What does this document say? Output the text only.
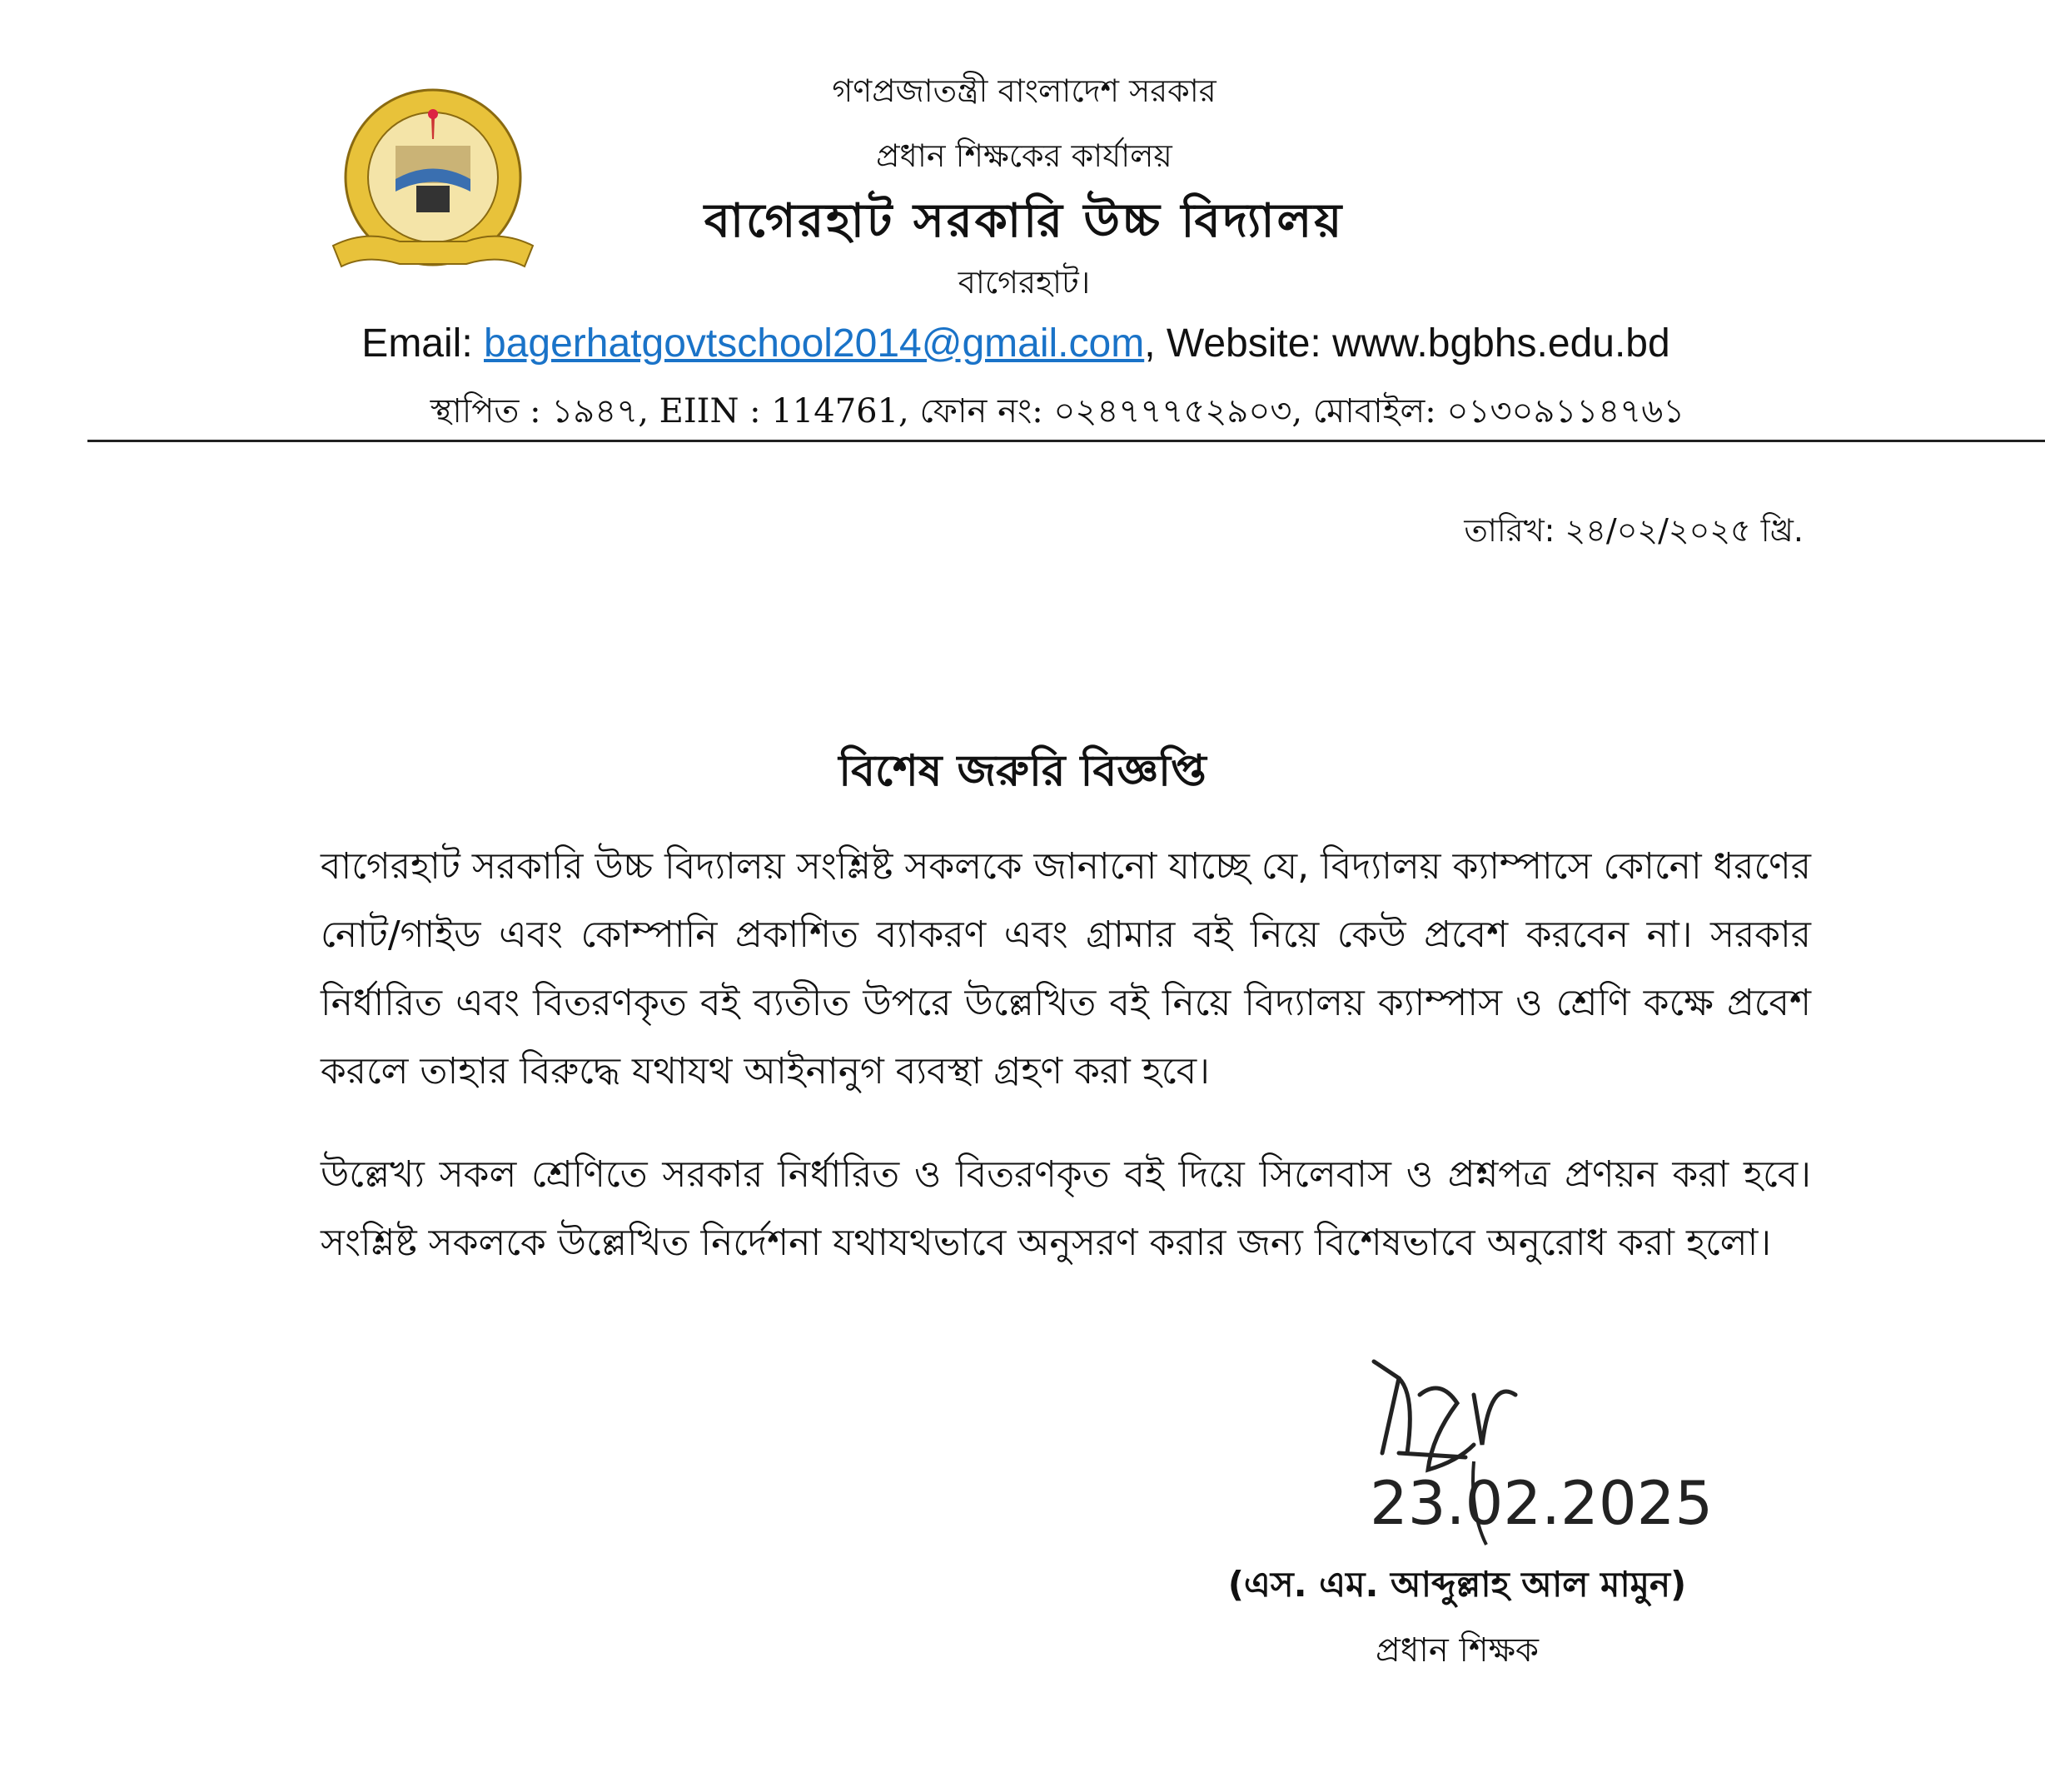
গণপ্রজাতন্ত্রী বাংলাদেশ সরকার
প্রধান শিক্ষকের কার্যালয়
বাগেরহাট সরকারি উচ্চ বিদ্যালয়
বাগেরহাট।
Email: bagerhatgovtschool2014@gmail.com, Website: www.bgbhs.edu.bd
স্থাপিত : ১৯৪৭, EIIN : 114761, ফোন নং: ০২৪৭৭৭৫২৯০৩, মোবাইল: ০১৩০৯১১৪৭৬১
তারিখ: ২৪/০২/২০২৫ খ্রি.
বিশেষ জরুরি বিজ্ঞপ্তি
বাগেরহাট সরকারি উচ্চ বিদ্যালয় সংশ্লিষ্ট সকলকে জানানো যাচ্ছে যে, বিদ্যালয় ক্যাম্পাসে কোনো ধরণের নোট/গাইড এবং কোম্পানি প্রকাশিত ব্যাকরণ এবং গ্রামার বই নিয়ে কেউ প্রবেশ করবেন না। সরকার নির্ধারিত এবং বিতরণকৃত বই ব্যতীত উপরে উল্লেখিত বই নিয়ে বিদ্যালয় ক্যাম্পাস ও শ্রেণি কক্ষে প্রবেশ করলে তাহার বিরুদ্ধে যথাযথ আইনানুগ ব্যবস্থা গ্রহণ করা হবে।
উল্লেখ্য সকল শ্রেণিতে সরকার নির্ধারিত ও বিতরণকৃত বই দিয়ে সিলেবাস ও প্রশ্নপত্র প্রণয়ন করা হবে। সংশ্লিষ্ট সকলকে উল্লেখিত নির্দেশনা যথাযথভাবে অনুসরণ করার জন্য বিশেষভাবে অনুরোধ করা হলো।
23.02.2025
(এস. এম. আব্দুল্লাহ আল মামুন)
প্রধান শিক্ষক
